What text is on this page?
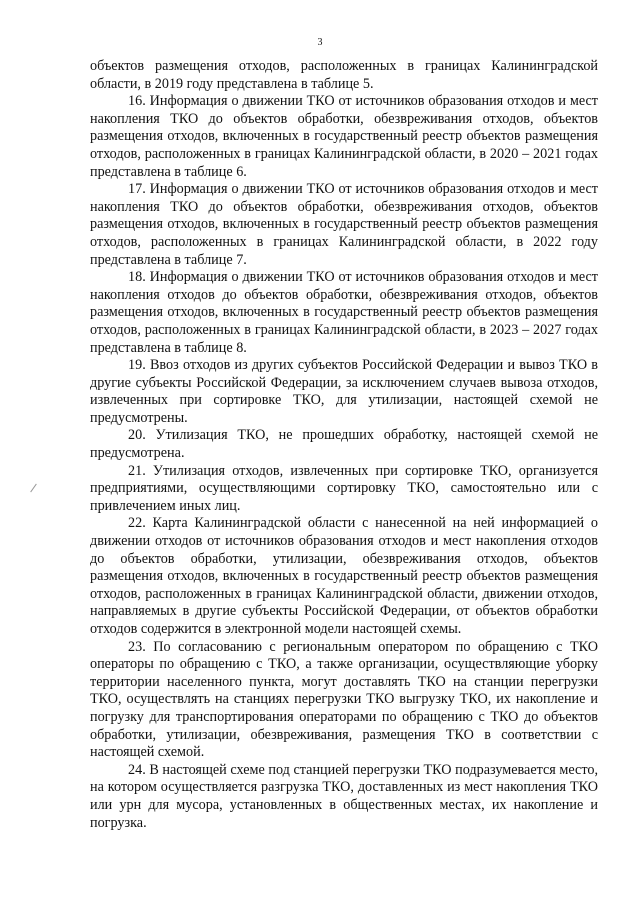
3

объектов размещения отходов, расположенных в границах Калининградской области, в 2019 году представлена в таблице 5.

16. Информация о движении ТКО от источников образования отходов и мест накопления ТКО до объектов обработки, обезвреживания отходов, объектов размещения отходов, включенных в государственный реестр объектов размещения отходов, расположенных в границах Калининградской области, в 2020 – 2021 годах представлена в таблице 6.

17. Информация о движении ТКО от источников образования отходов и мест накопления ТКО до объектов обработки, обезвреживания отходов, объектов размещения отходов, включенных в государственный реестр объектов размещения отходов, расположенных в границах Калининградской области, в 2022 году представлена в таблице 7.

18. Информация о движении ТКО от источников образования отходов и мест накопления отходов до объектов обработки, обезвреживания отходов, объектов размещения отходов, включенных в государственный реестр объектов размещения отходов, расположенных в границах Калининградской области, в 2023 – 2027 годах представлена в таблице 8.

19. Ввоз отходов из других субъектов Российской Федерации и вывоз ТКО в другие субъекты Российской Федерации, за исключением случаев вывоза отходов, извлеченных при сортировке ТКО, для утилизации, настоящей схемой не предусмотрены.

20. Утилизация ТКО, не прошедших обработку, настоящей схемой не предусмотрена.

21. Утилизация отходов, извлеченных при сортировке ТКО, организуется предприятиями, осуществляющими сортировку ТКО, самостоятельно или с привлечением иных лиц.

22. Карта Калининградской области с нанесенной на ней информацией о движении отходов от источников образования отходов и мест накопления отходов до объектов обработки, утилизации, обезвреживания отходов, объектов размещения отходов, включенных в государственный реестр объектов размещения отходов, расположенных в границах Калининградской области, движении отходов, направляемых в другие субъекты Российской Федерации, от объектов обработки отходов содержится в электронной модели настоящей схемы.

23. По согласованию с региональным оператором по обращению с ТКО операторы по обращению с ТКО, а также организации, осуществляющие уборку территории населенного пункта, могут доставлять ТКО на станции перегрузки ТКО, осуществлять на станциях перегрузки ТКО выгрузку ТКО, их накопление и погрузку для транспортирования операторами по обращению с ТКО до объектов обработки, утилизации, обезвреживания, размещения ТКО в соответствии с настоящей схемой.

24. В настоящей схеме под станцией перегрузки ТКО подразумевается место, на котором осуществляется разгрузка ТКО, доставленных из мест накопления ТКО или урн для мусора, установленных в общественных местах, их накопление и погрузка.
